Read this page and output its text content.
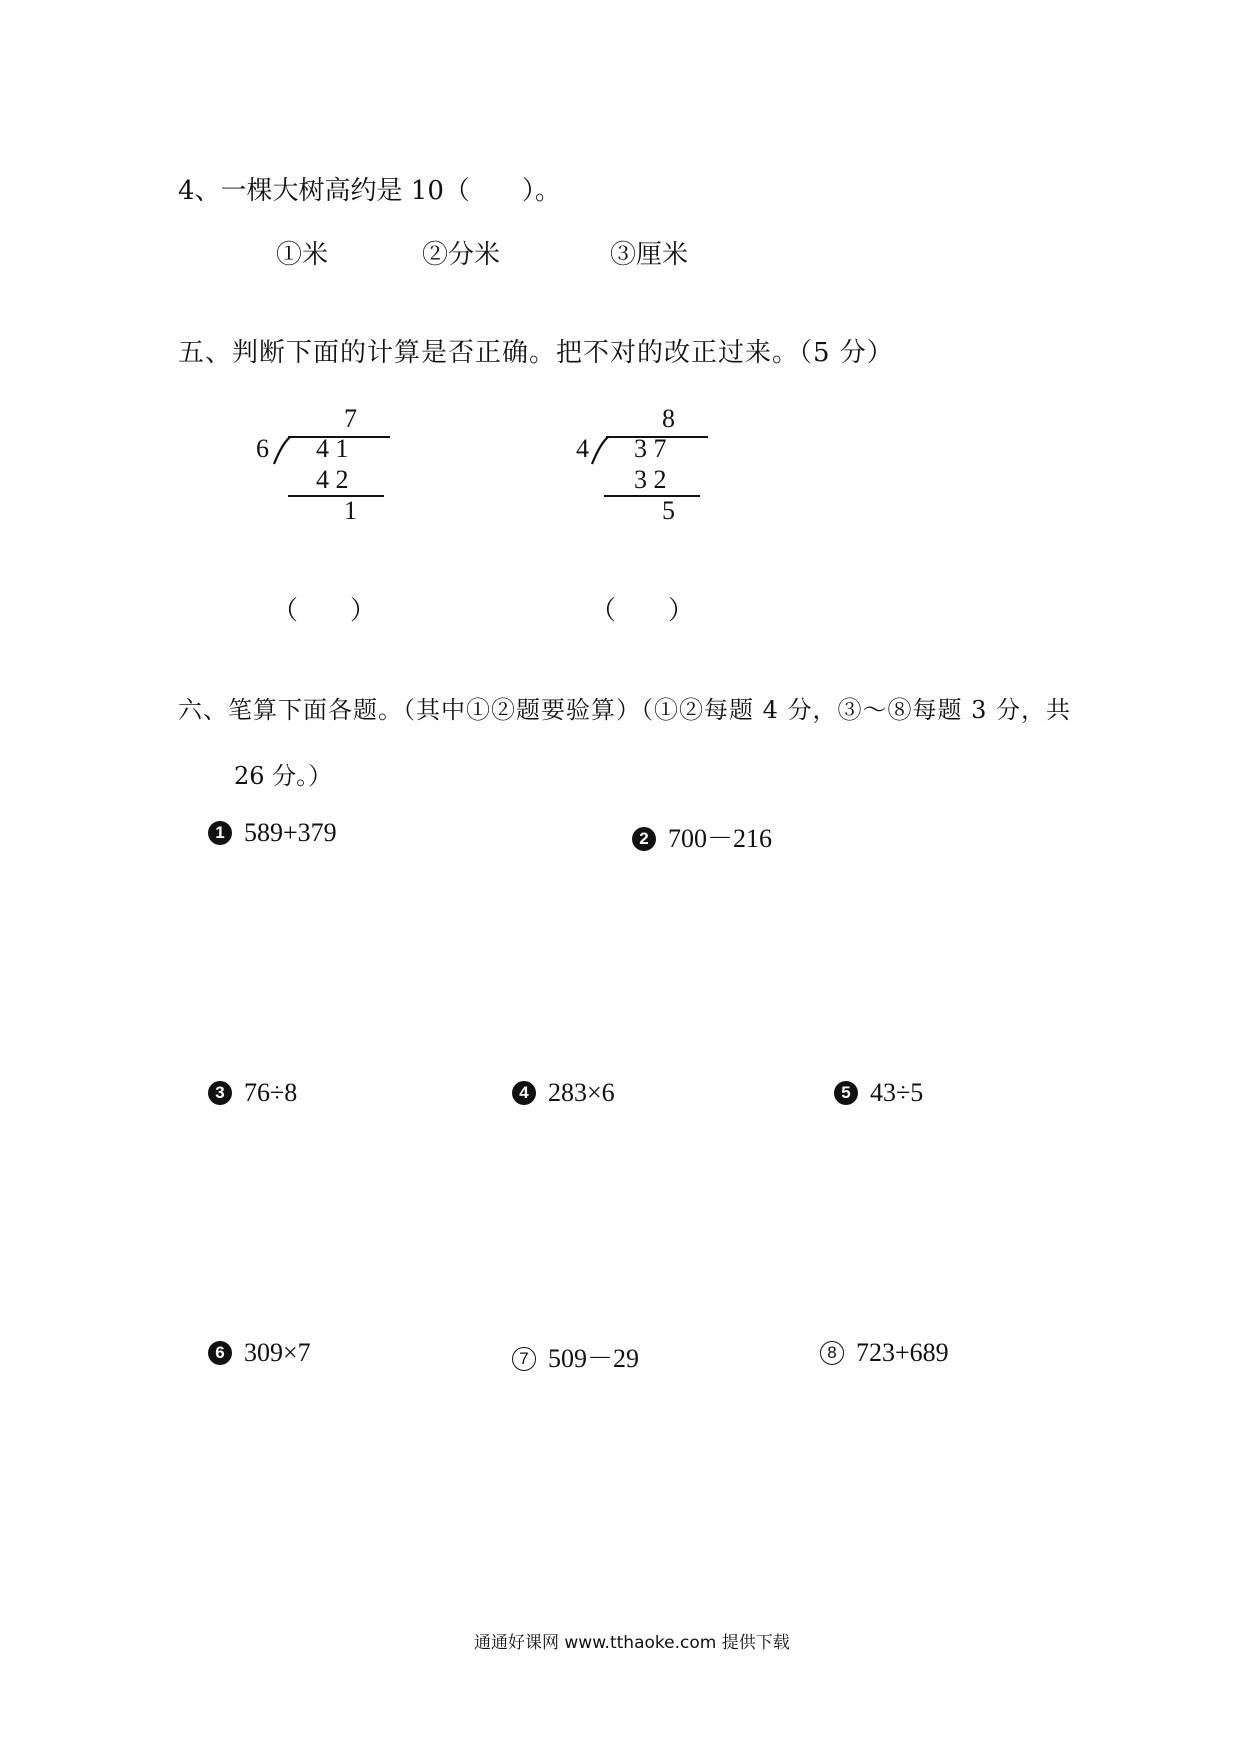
4、一棵大树高约是 10（　　）。
①米	②分米	③厘米
五、判断下面的计算是否正确。把不对的改正过来。（5 分）
7
6 4 1
4 2
1
（　　）
8
4 3 7
3 2
5
（　　）
六、笔算下面各题。（其中①②题要验算）（①②每题 4 分，③～⑧每题 3 分，共
26 分。）
1 589+379	2 700－216
3 76÷8	4 283×6	5 43÷5
6 309×7	7 509－29	8 723+689
通通好课网 www.tthaoke.com 提供下载
